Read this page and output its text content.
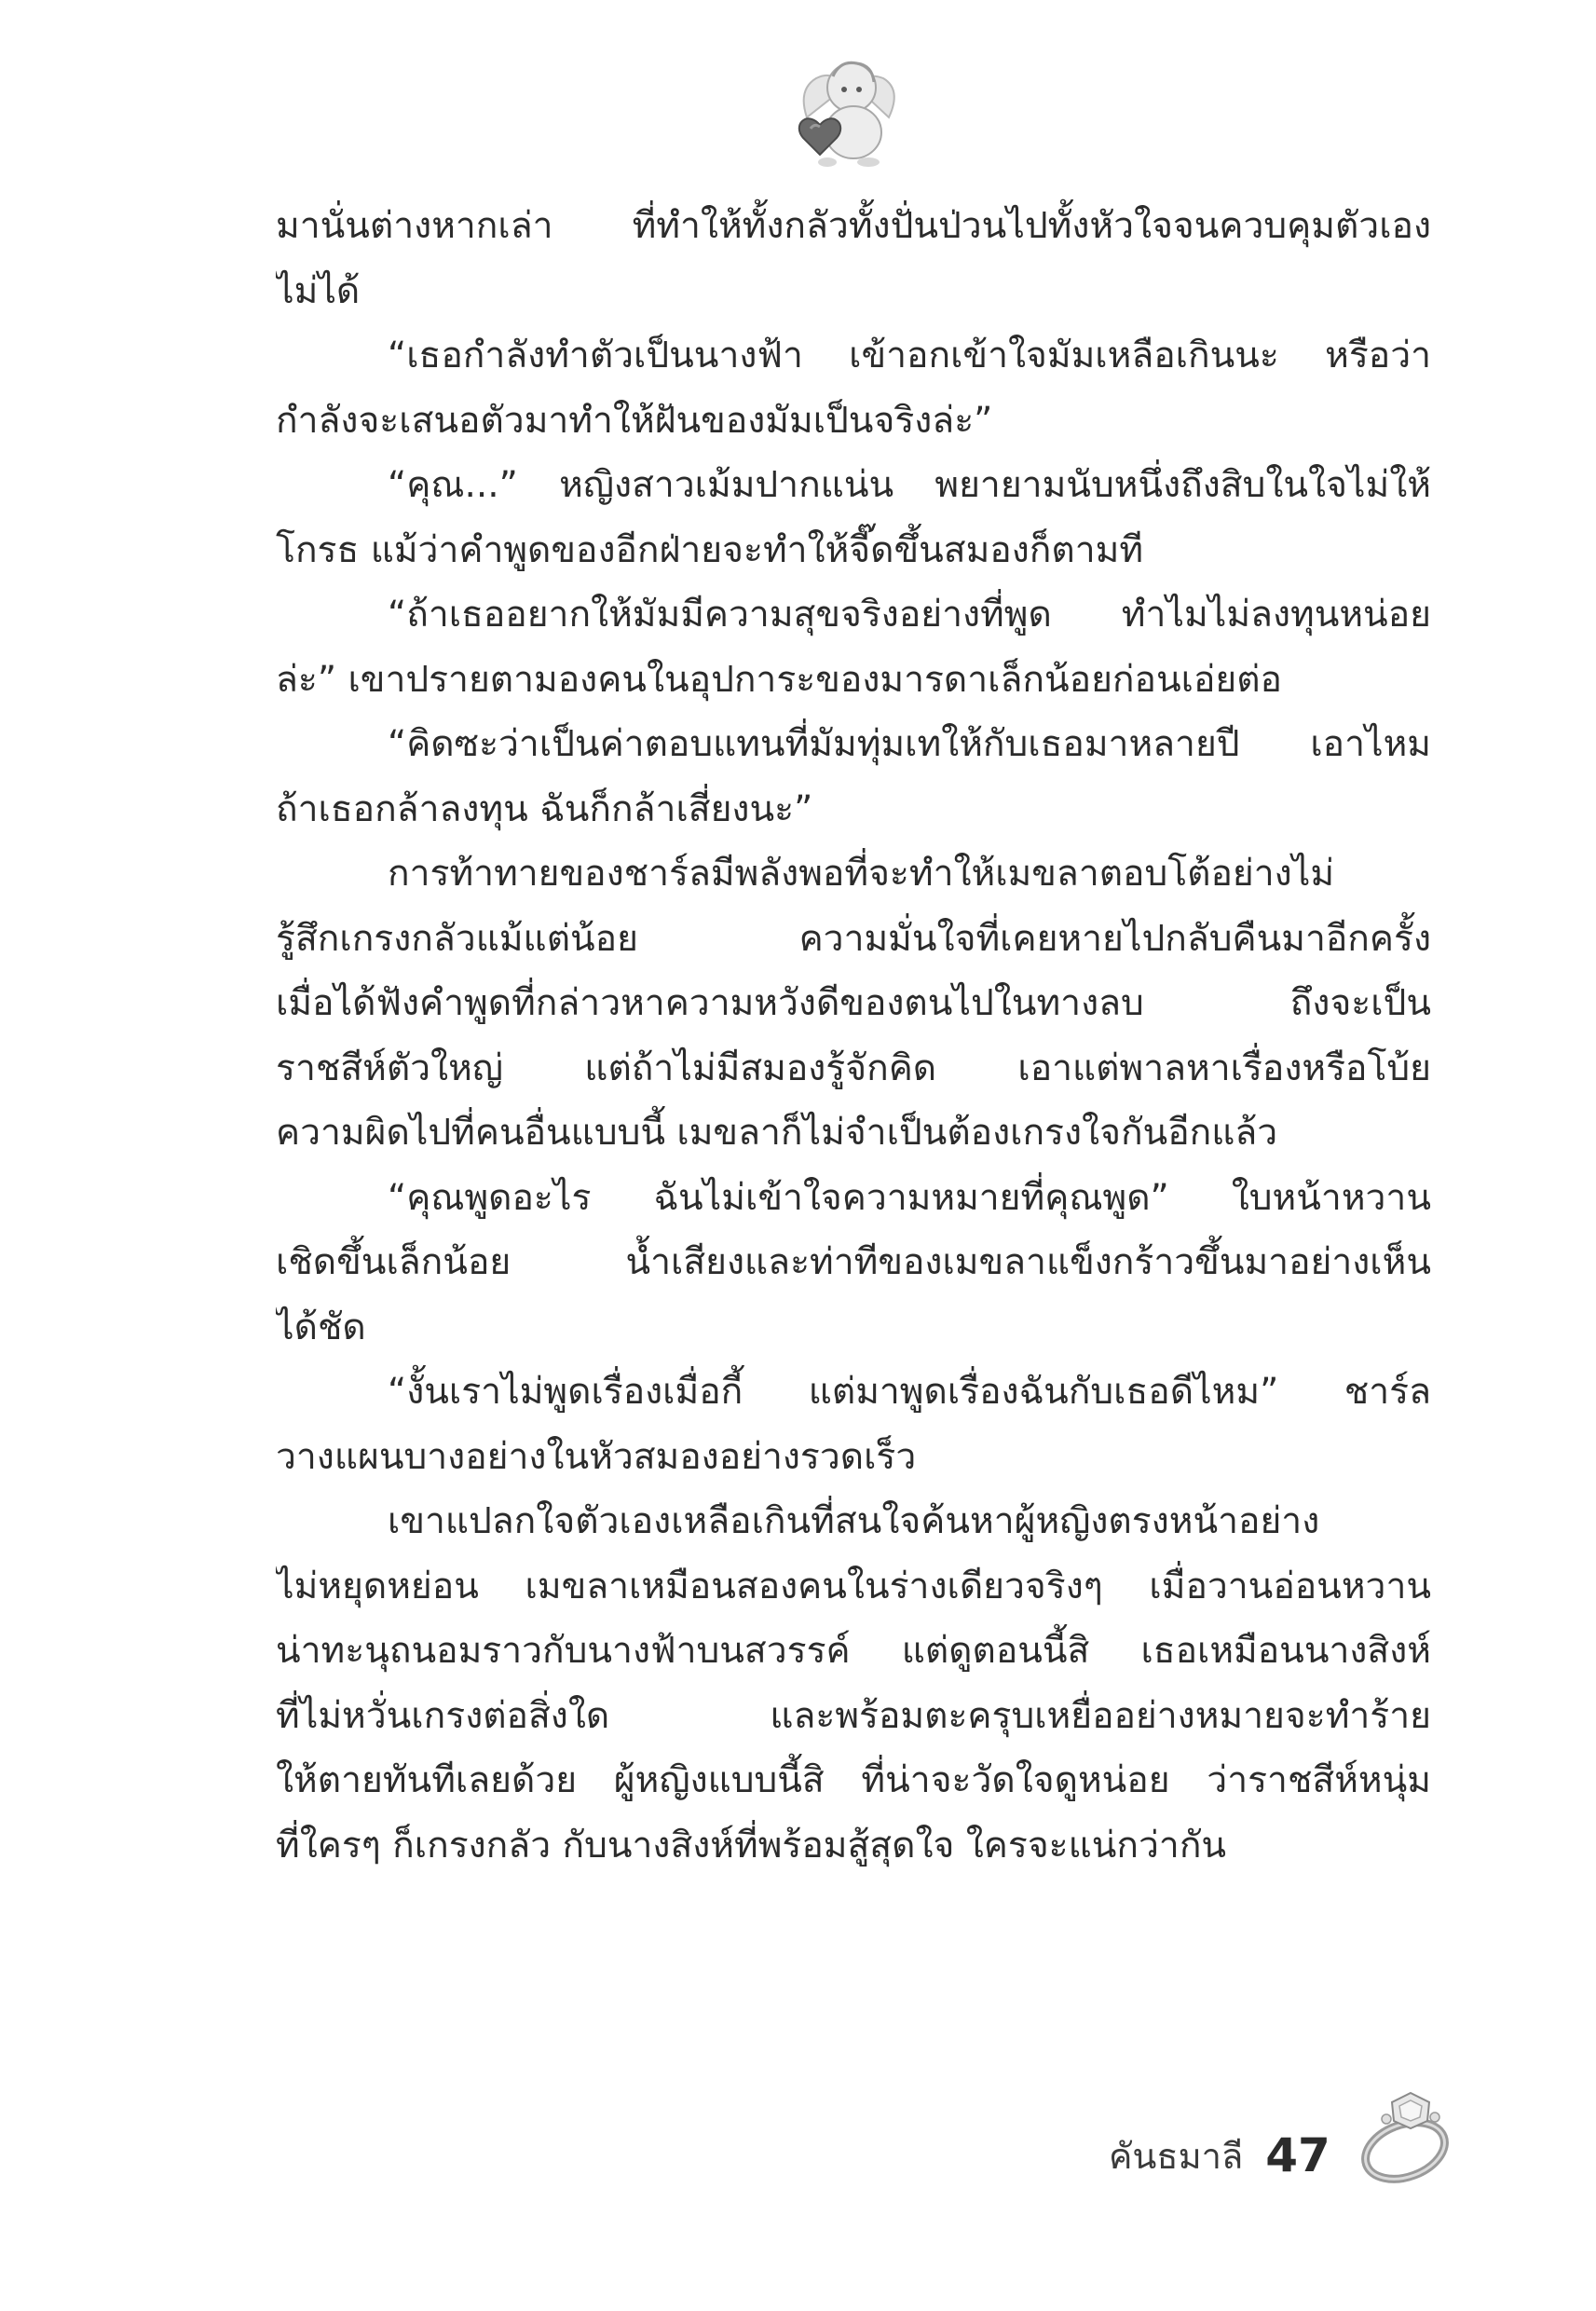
มานั่นต่างหากเล่า ที่ทำให้ทั้งกลัวทั้งปั่นป่วนไปทั้งหัวใจจนควบคุมตัวเอง
ไม่ได้
“เธอกำลังทำตัวเป็นนางฟ้า เข้าอกเข้าใจมัมเหลือเกินนะ หรือว่า
กำลังจะเสนอตัวมาทำให้ฝันของมัมเป็นจริงล่ะ”
“คุณ...” หญิงสาวเม้มปากแน่น พยายามนับหนึ่งถึงสิบในใจไม่ให้
โกรธ แม้ว่าคำพูดของอีกฝ่ายจะทำให้จี๊ดขึ้นสมองก็ตามที
“ถ้าเธออยากให้มัมมีความสุขจริงอย่างที่พูด ทำไมไม่ลงทุนหน่อย
ล่ะ” เขาปรายตามองคนในอุปการะของมารดาเล็กน้อยก่อนเอ่ยต่อ
“คิดซะว่าเป็นค่าตอบแทนที่มัมทุ่มเทให้กับเธอมาหลายปี เอาไหม
ถ้าเธอกล้าลงทุน ฉันก็กล้าเสี่ยงนะ”
การท้าทายของชาร์ลมีพลังพอที่จะทำให้เมขลาตอบโต้อย่างไม่
รู้สึกเกรงกลัวแม้แต่น้อย ความมั่นใจที่เคยหายไปกลับคืนมาอีกครั้ง
เมื่อได้ฟังคำพูดที่กล่าวหาความหวังดีของตนไปในทางลบ ถึงจะเป็น
ราชสีห์ตัวใหญ่ แต่ถ้าไม่มีสมองรู้จักคิด เอาแต่พาลหาเรื่องหรือโบ้ย
ความผิดไปที่คนอื่นแบบนี้ เมขลาก็ไม่จำเป็นต้องเกรงใจกันอีกแล้ว
“คุณพูดอะไร ฉันไม่เข้าใจความหมายที่คุณพูด” ใบหน้าหวาน
เชิดขึ้นเล็กน้อย น้ำเสียงและท่าทีของเมขลาแข็งกร้าวขึ้นมาอย่างเห็น
ได้ชัด
“งั้นเราไม่พูดเรื่องเมื่อกี้ แต่มาพูดเรื่องฉันกับเธอดีไหม” ชาร์ล
วางแผนบางอย่างในหัวสมองอย่างรวดเร็ว
เขาแปลกใจตัวเองเหลือเกินที่สนใจค้นหาผู้หญิงตรงหน้าอย่าง
ไม่หยุดหย่อน เมขลาเหมือนสองคนในร่างเดียวจริงๆ เมื่อวานอ่อนหวาน
น่าทะนุถนอมราวกับนางฟ้าบนสวรรค์ แต่ดูตอนนี้สิ เธอเหมือนนางสิงห์
ที่ไม่หวั่นเกรงต่อสิ่งใด และพร้อมตะครุบเหยื่ออย่างหมายจะทำร้าย
ให้ตายทันทีเลยด้วย ผู้หญิงแบบนี้สิ ที่น่าจะวัดใจดูหน่อย ว่าราชสีห์หนุ่ม
ที่ใครๆ ก็เกรงกลัว กับนางสิงห์ที่พร้อมสู้สุดใจ ใครจะแน่กว่ากัน
คันธมาลี 47
